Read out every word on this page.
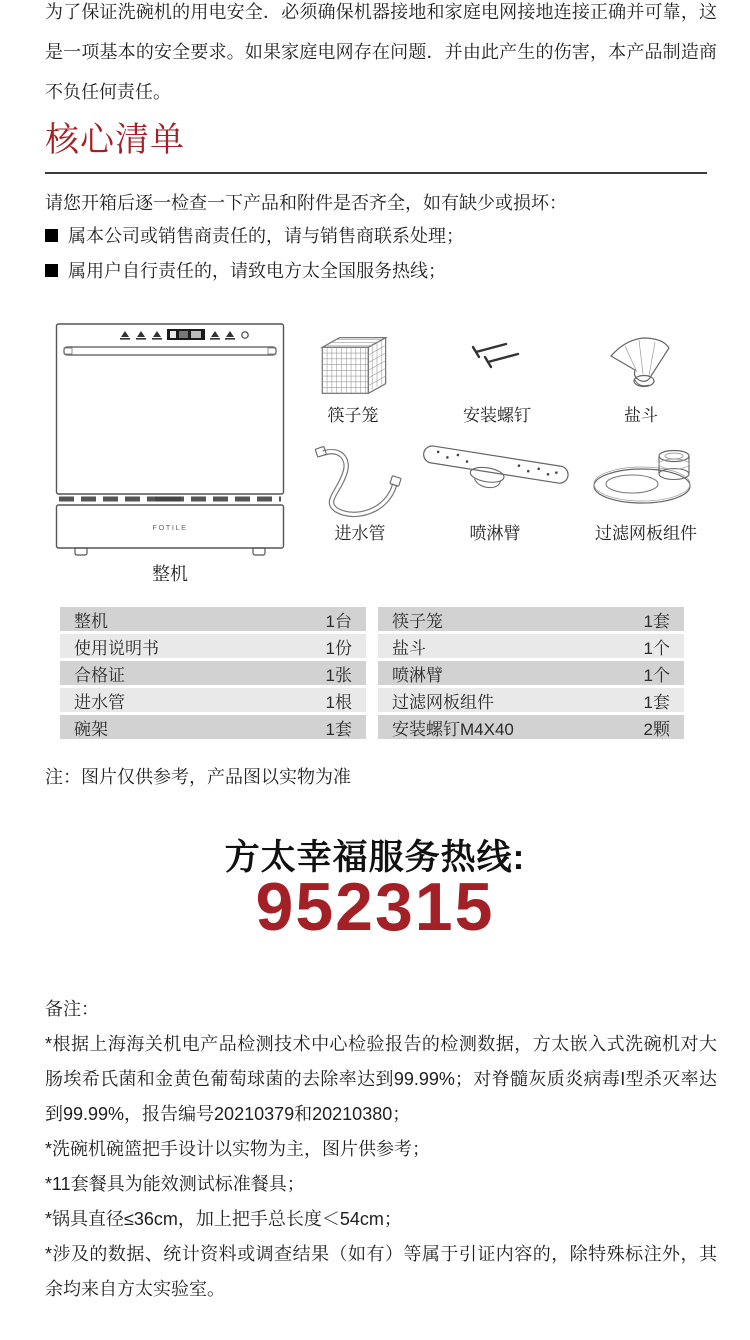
为了保证洗碗机的用电安全．必须确保机器接地和家庭电网接地连接正确并可靠，这是一项基本的安全要求。如果家庭电网存在问题．并由此产生的伤害，本产品制造商不负任何责任。
核心清单
请您开箱后逐一检查一下产品和附件是否齐全，如有缺少或损坏：
属本公司或销售商责任的，请与销售商联系处理；
属用户自行责任的，请致电方太全国服务热线；
FOTILE
整机
筷子笼	安装螺钉	盐斗
进水管	喷淋臂	过滤网板组件
整机	1台
使用说明书	1份
合格证	1张
进水管	1根
碗架	1套
筷子笼	1套
盐斗	1个
喷淋臂	1个
过滤网板组件	1套
安装螺钉M4X40	2颗
注：图片仅供参考，产品图以实物为准
方太幸福服务热线:
952315

备注：

*根据上海海关机电产品检测技术中心检验报告的检测数据，方太嵌入式洗碗机对大肠埃希氏菌和金黄色葡萄球菌的去除率达到99.99%；对脊髓灰质炎病毒I型杀灭率达到99.99%，报告编号20210379和20210380；

*洗碗机碗篮把手设计以实物为主，图片供参考；

*11套餐具为能效测试标准餐具；

*锅具直径≤36cm，加上把手总长度＜54cm；

*涉及的数据、统计资料或调查结果（如有）等属于引证内容的，除特殊标注外，其余均来自方太实验室。
